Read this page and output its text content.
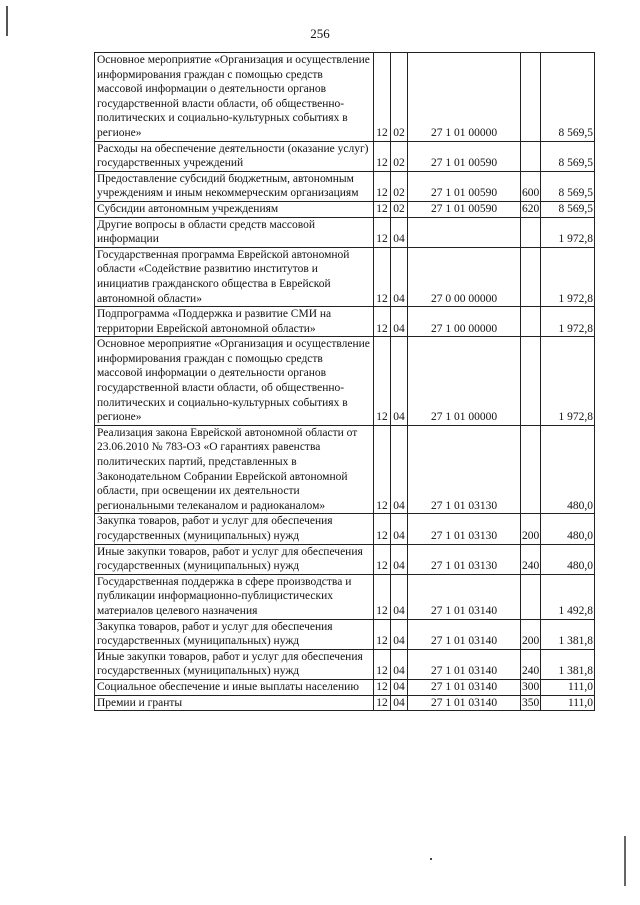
256
Основное мероприятие «Организация и осуществление информирования граждан с помощью средств массовой информации о деятельности органов государственной власти области, об общественно-политических и социально-культурных событиях в регионе»	12	02	27 1 01 00000		8 569,5
Расходы на обеспечение деятельности (оказание услуг) государственных учреждений	12	02	27 1 01 00590		8 569,5
Предоставление субсидий бюджетным, автономным учреждениям и иным некоммерческим организациям	12	02	27 1 01 00590	600	8 569,5
Субсидии автономным учреждениям	12	02	27 1 01 00590	620	8 569,5
Другие вопросы в области средств массовой информации	12	04			1 972,8
Государственная программа Еврейской автономной области «Содействие развитию институтов и инициатив гражданского общества в Еврейской автономной области»	12	04	27 0 00 00000		1 972,8
Подпрограмма «Поддержка и развитие СМИ на территории Еврейской автономной области»	12	04	27 1 00 00000		1 972,8
Основное мероприятие «Организация и осуществление информирования граждан с помощью средств массовой информации о деятельности органов государственной власти области, об общественно-политических и социально-культурных событиях в регионе»	12	04	27 1 01 00000		1 972,8
Реализация закона Еврейской автономной области от 23.06.2010 № 783-ОЗ «О гарантиях равенства политических партий, представленных в Законодательном Собрании Еврейской автономной области, при освещении их деятельности региональными телеканалом и радиоканалом»	12	04	27 1 01 03130		480,0
Закупка товаров, работ и услуг для обеспечения государственных (муниципальных) нужд	12	04	27 1 01 03130	200	480,0
Иные закупки товаров, работ и услуг для обеспечения государственных (муниципальных) нужд	12	04	27 1 01 03130	240	480,0
Государственная поддержка в сфере производства и публикации информационно-публицистических материалов целевого назначения	12	04	27 1 01 03140		1 492,8
Закупка товаров, работ и услуг для обеспечения государственных (муниципальных) нужд	12	04	27 1 01 03140	200	1 381,8
Иные закупки товаров, работ и услуг для обеспечения государственных (муниципальных) нужд	12	04	27 1 01 03140	240	1 381,8
Социальное обеспечение и иные выплаты населению	12	04	27 1 01 03140	300	111,0
Премии и гранты	12	04	27 1 01 03140	350	111,0
